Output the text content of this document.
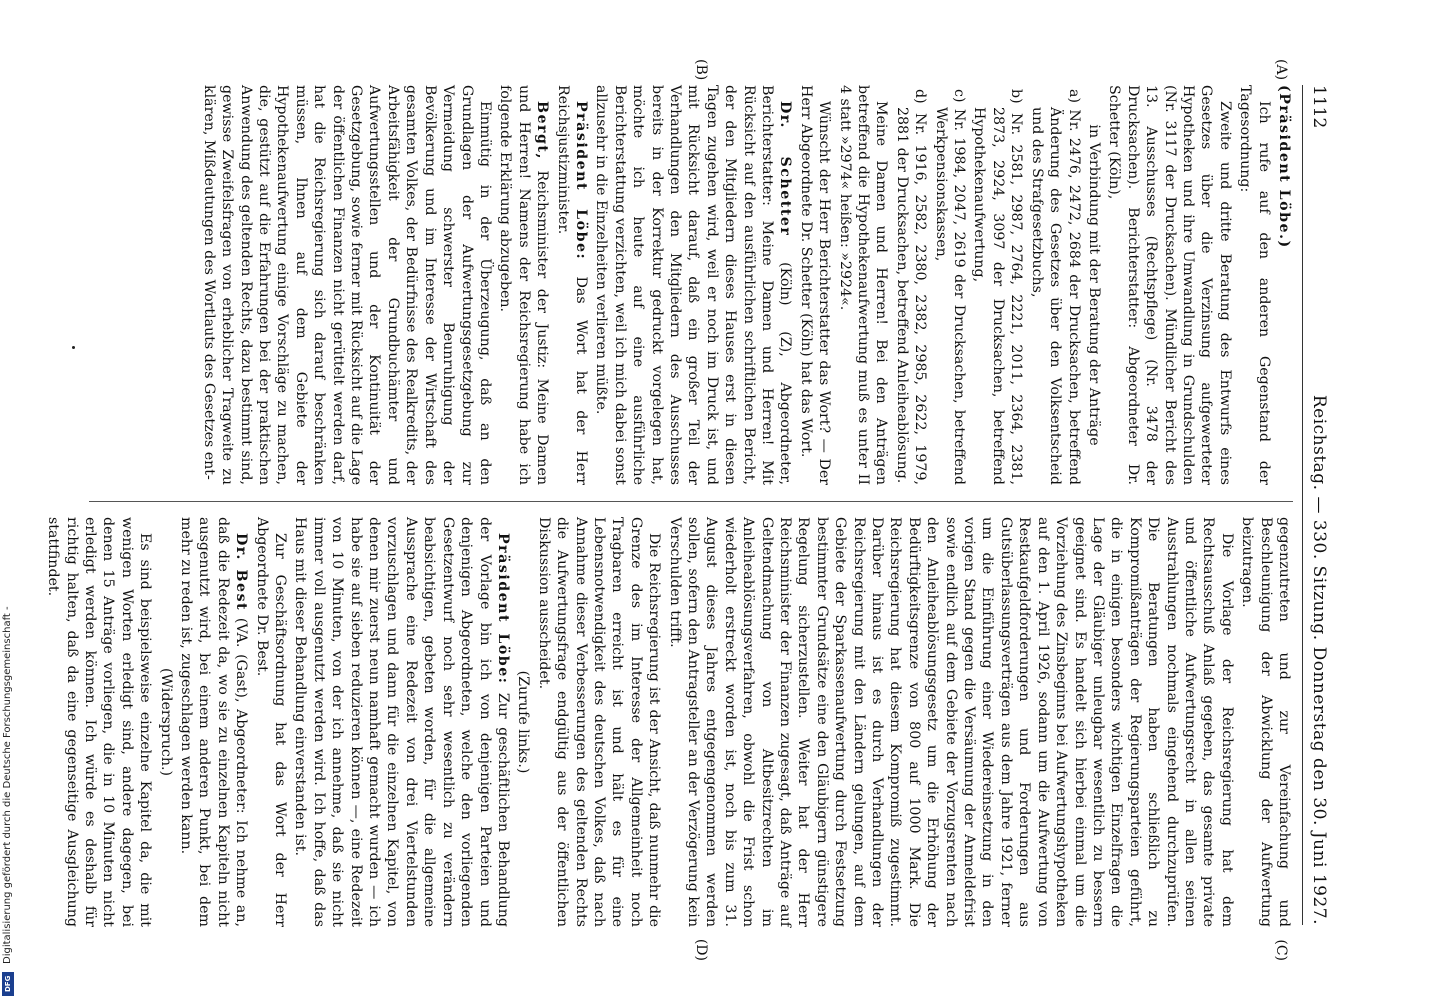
1112
Reichstag. — 330. Sitzung. Donnerstag den 30. Juni 1927.
(A)
(B)
(C)
(D)

(Präsident Löbe.)

Ich rufe auf den anderen Gegenstand der Tagesordnung:

Zweite und dritte Beratung des Entwurfs eines Gesetzes über die Verzinsung aufgewerteter Hypotheken und ihre Umwandlung in Grundschulden (Nr. 3117 der Drucksachen). Mündlicher Bericht des 13. Ausschusses (Rechtspflege) (Nr. 3478 der Drucksachen). Berichterstatter: Abgeordneter Dr. Schetter (Köln),

in Verbindung mit der Beratung der Anträge

a) Nr. 2476, 2472, 2684 der Drucksachen, betreffend Änderung des Gesetzes über den Volksentscheid und des Strafgesetzbuchs,

b) Nr. 2581, 2987, 2764, 2221, 2011, 2364, 2381, 2873, 2924, 3097 der Drucksachen, betreffend Hypothekenaufwertung,

c) Nr. 1984, 2047, 2619 der Drucksachen, betreffend Werkpensionskassen,

d) Nr. 1916, 2582, 2380, 2382, 2985, 2622, 1979, 2881 der Drucksachen, betreffend Anleiheablösung.

Meine Damen und Herren! Bei den Anträgen betreffend die Hypothekenaufwertung muß es unter II 4 statt »2974« heißen: »2924«.

Wünscht der Herr Berichterstatter das Wort? — Der Herr Abgeordnete Dr. Schetter (Köln) hat das Wort.

Dr. Schetter (Köln) (Z), Abgeordneter, Berichterstatter: Meine Damen und Herren! Mit Rücksicht auf den ausführlichen schriftlichen Bericht, der den Mitgliedern dieses Hauses erst in diesen Tagen zugehen wird, weil er noch im Druck ist, und mit Rücksicht darauf, daß ein großer Teil der Verhandlungen den Mitgliedern des Ausschusses bereits in der Korrektur gedruckt vorgelegen hat, möchte ich heute auf eine ausführliche Berichterstattung verzichten, weil ich mich dabei sonst allzusehr in die Einzelheiten verlieren müßte.

Präsident Löbe: Das Wort hat der Herr Reichsjustizminister.

Bergt, Reichsminister der Justiz: Meine Damen und Herren! Namens der Reichsregierung habe ich folgende Erklärung abzugeben.

Einmütig in der Überzeugung, daß an den Grundlagen der Aufwertungsgesetzgebung zur Vermeidung schwerster Beunruhigung der Bevölkerung und im Interesse der Wirtschaft des gesamten Volkes, der Bedürfnisse des Realkredits, der Arbeitsfähigkeit der Grundbuchämter und Aufwertungsstellen und der Kontinuität der Gesetzgebung, sowie ferner mit Rücksicht auf die Lage der öffentlichen Finanzen nicht gerüttelt werden darf, hat die Reichsregierung sich darauf beschränken müssen, Ihnen auf dem Gebiete der Hypothekenaufwertung einige Vorschläge zu machen, die, gestützt auf die Erfahrungen bei der praktischen Anwendung des geltenden Rechts, dazu bestimmt sind, gewisse Zweifelsfragen von erheblicher Tragweite zu klären, Mißdeutungen des Wortlauts des Gesetzes ent-

gegenzutreten und zur Vereinfachung und Beschleunigung der Abwicklung der Aufwertung beizutragen.

Die Vorlage der Reichsregierung hat dem Rechtsausschuß Anlaß gegeben, das gesamte private und öffentliche Aufwertungsrecht in allen seinen Ausstrahlungen nochmals eingehend durchzuprüfen. Die Beratungen haben schließlich zu Kompromißanträgen der Regierungsparteien geführt, die in einigen besonders wichtigen Einzelfragen die Lage der Gläubiger unleugbar wesentlich zu bessern geeignet sind. Es handelt sich hierbei einmal um die Vorziehung des Zinsbeginns bei Aufwertungshypotheken auf den 1. April 1926, sodann um die Aufwertung von Restkaufgeldforderungen und Forderungen aus Gutsüberlassungsverträgen aus dem Jahre 1921, ferner um die Einführung einer Wiedereinsetzung in den vorigen Stand gegen die Versäumung der Anmeldefrist sowie endlich auf dem Gebiete der Vorzugsrenten nach den Anleiheablösungsgesetz um die Erhöhung der Bedürftigkeitsgrenze von 800 auf 1000 Mark. Die Reichsregierung hat diesem Kompromiß zugestimmt. Darüber hinaus ist es durch Verhandlungen der Reichsregierung mit den Ländern gelungen, auf dem Gebiete der Sparkassenaufwertung durch Festsetzung bestimmter Grundsätze eine den Gläubigern günstigere Regelung sicherzustellen. Weiter hat der Herr Reichsminister der Finanzen zugesagt, daß Anträge auf Geltendmachung von Altbesitzrechten im Anleiheablösungsverfahren, obwohl die Frist schon wiederholt erstreckt worden ist, noch bis zum 31. August dieses Jahres entgegengenommen werden sollen, sofern den Antragsteller an der Verzögerung kein Verschulden trifft.

Die Reichsregierung ist der Ansicht, daß nunmehr die Grenze des im Interesse der Allgemeinheit noch Tragbaren erreicht ist und hält es für eine Lebensnotwendigkeit des deutschen Volkes, daß nach Annahme dieser Verbesserungen des geltenden Rechts die Aufwertungsfrage endgültig aus der öffentlichen Diskussion ausscheidet.

(Zurufe links.)

Präsident Löbe: Zur geschäftlichen Behandlung der Vorlage bin ich von denjenigen Parteien und denjenigen Abgeordneten, welche den vorliegenden Gesetzentwurf noch sehr wesentlich zu verändern beabsichtigen, gebeten worden, für die allgemeine Aussprache eine Redezeit von drei Viertelstunden vorzuschlagen und dann für die einzelnen Kapitel, von denen mir zuerst neun namhaft gemacht wurden — ich habe sie auf sieben reduzieren können —, eine Redezeit von 10 Minuten, von der ich annehme, daß sie nicht immer voll ausgenutzt werden wird. Ich hoffe, daß das Haus mit dieser Behandlung einverstanden ist.

Zur Geschäftsordnung hat das Wort der Herr Abgeordnete Dr. Best.

Dr. Best (VA. (Gast), Abgeordneter: Ich nehme an, daß die Redezeit da, wo sie zu einzelnen Kapiteln nicht ausgenutzt wird, bei einem anderen Punkt, bei dem mehr zu reden ist, zugeschlagen werden kann.

(Widerspruch.)

Es sind beispielsweise einzelne Kapitel da, die mit wenigen Worten erledigt sind, andere dagegen, bei denen 15 Anträge vorliegen, die in 10 Minuten nicht erledigt werden können. Ich würde es deshalb für richtig halten, daß da eine gegenseitige Ausgleichung stattfindet.

Digitalisierung gefördert durch die Deutsche Forschungsgemeinschaft -
DFG
